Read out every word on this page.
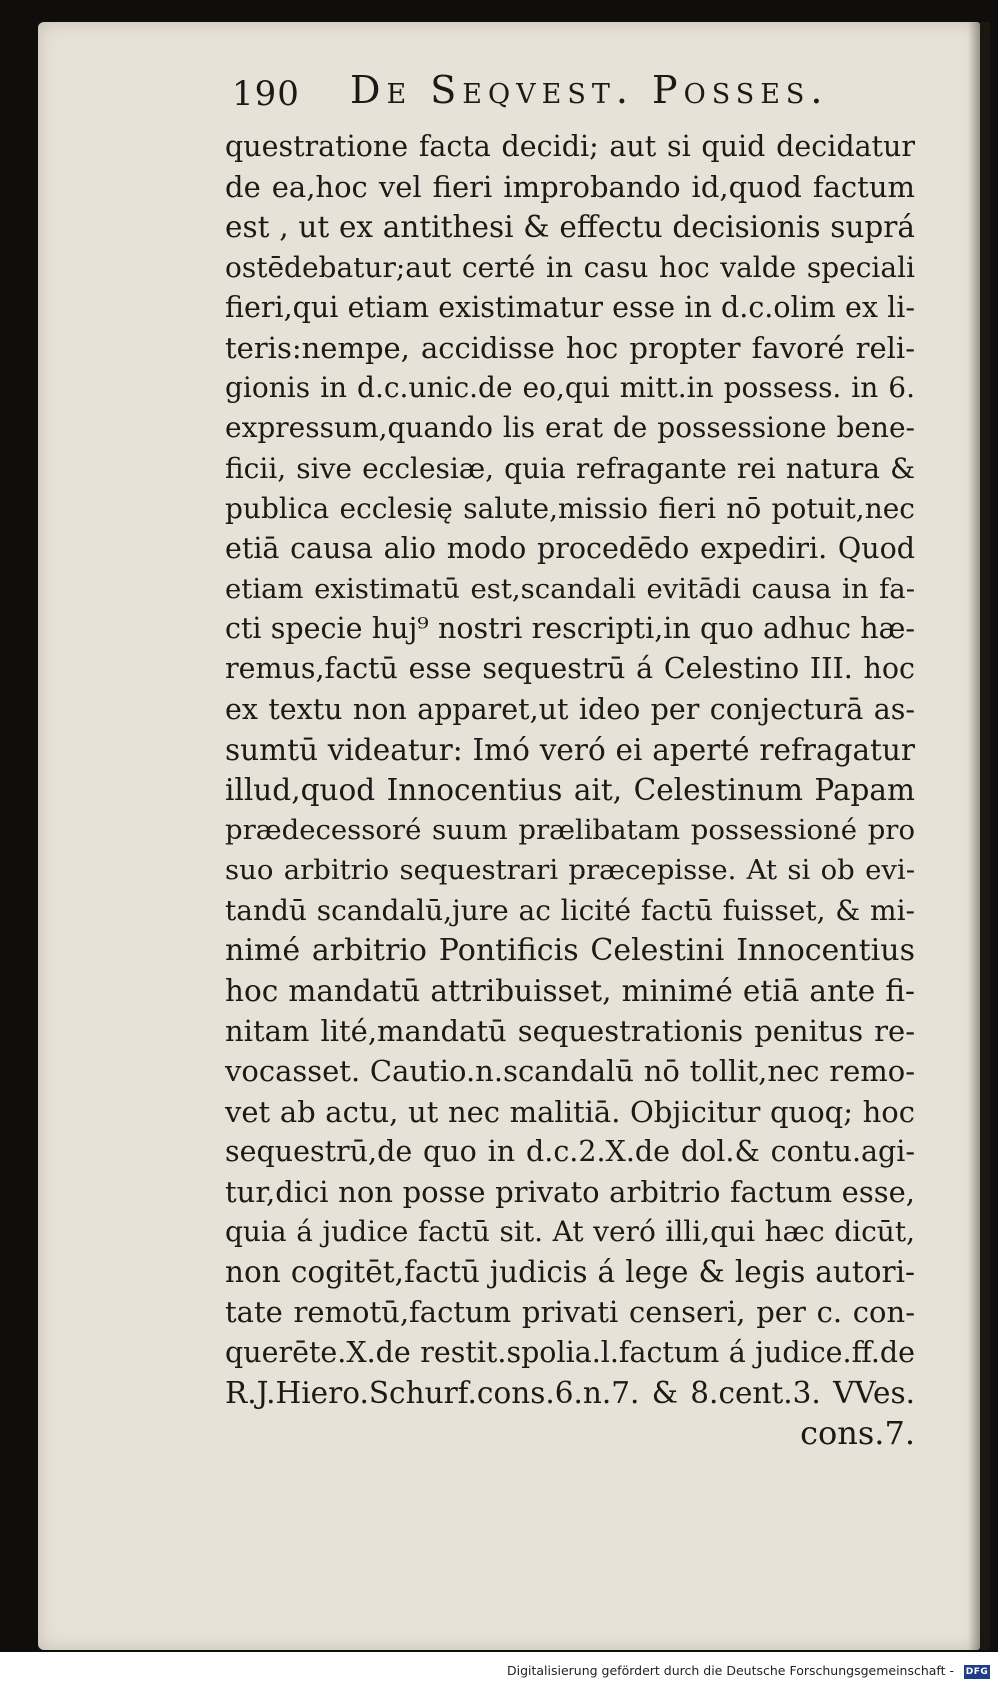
190 De Seqvest. Posses.
questratione facta decidi; aut si quid decidatur
de ea,hoc vel fieri improbando id,quod factum
est , ut ex antithesi & effectu decisionis suprá
ostēdebatur;aut certé in casu hoc valde speciali
fieri,qui etiam existimatur esse in d.c.olim ex li-
teris:nempe, accidisse hoc propter favoré reli-
gionis in d.c.unic.de eo,qui mitt.in possess. in 6.
expressum,quando lis erat de possessione bene-
ficii, sive ecclesiæ, quia refragante rei natura &
publica ecclesię salute,missio fieri nō potuit,nec
etiā causa alio modo procedēdo expediri. Quod
etiam existimatū est,scandali evitādi causa in fa-
cti specie huj⁹ nostri rescripti,in quo adhuc hæ-
remus,factū esse sequestrū á Celestino III. hoc
ex textu non apparet,ut ideo per conjecturā as-
sumtū videatur: Imó veró ei aperté refragatur
illud,quod Innocentius ait, Celestinum Papam
prædecessoré suum prælibatam possessioné pro
suo arbitrio sequestrari præcepisse. At si ob evi-
tandū scandalū,jure ac licité factū fuisset, & mi-
nimé arbitrio Pontificis Celestini Innocentius
hoc mandatū attribuisset, minimé etiā ante fi-
nitam lité,mandatū sequestrationis penitus re-
vocasset. Cautio.n.scandalū nō tollit,nec remo-
vet ab actu, ut nec malitiā. Objicitur quoq; hoc
sequestrū,de quo in d.c.2.X.de dol.& contu.agi-
tur,dici non posse privato arbitrio factum esse,
quia á judice factū sit. At veró illi,qui hæc dicūt,
non cogitēt,factū judicis á lege & legis autori-
tate remotū,factum privati censeri, per c. con-
querēte.X.de restit.spolia.l.factum á judice.ff.de
R.J.Hiero.Schurf.cons.6.n.7. & 8.cent.3. VVes.
cons.7.
Digitalisierung gefördert durch die Deutsche Forschungsgemeinschaft - DFG
